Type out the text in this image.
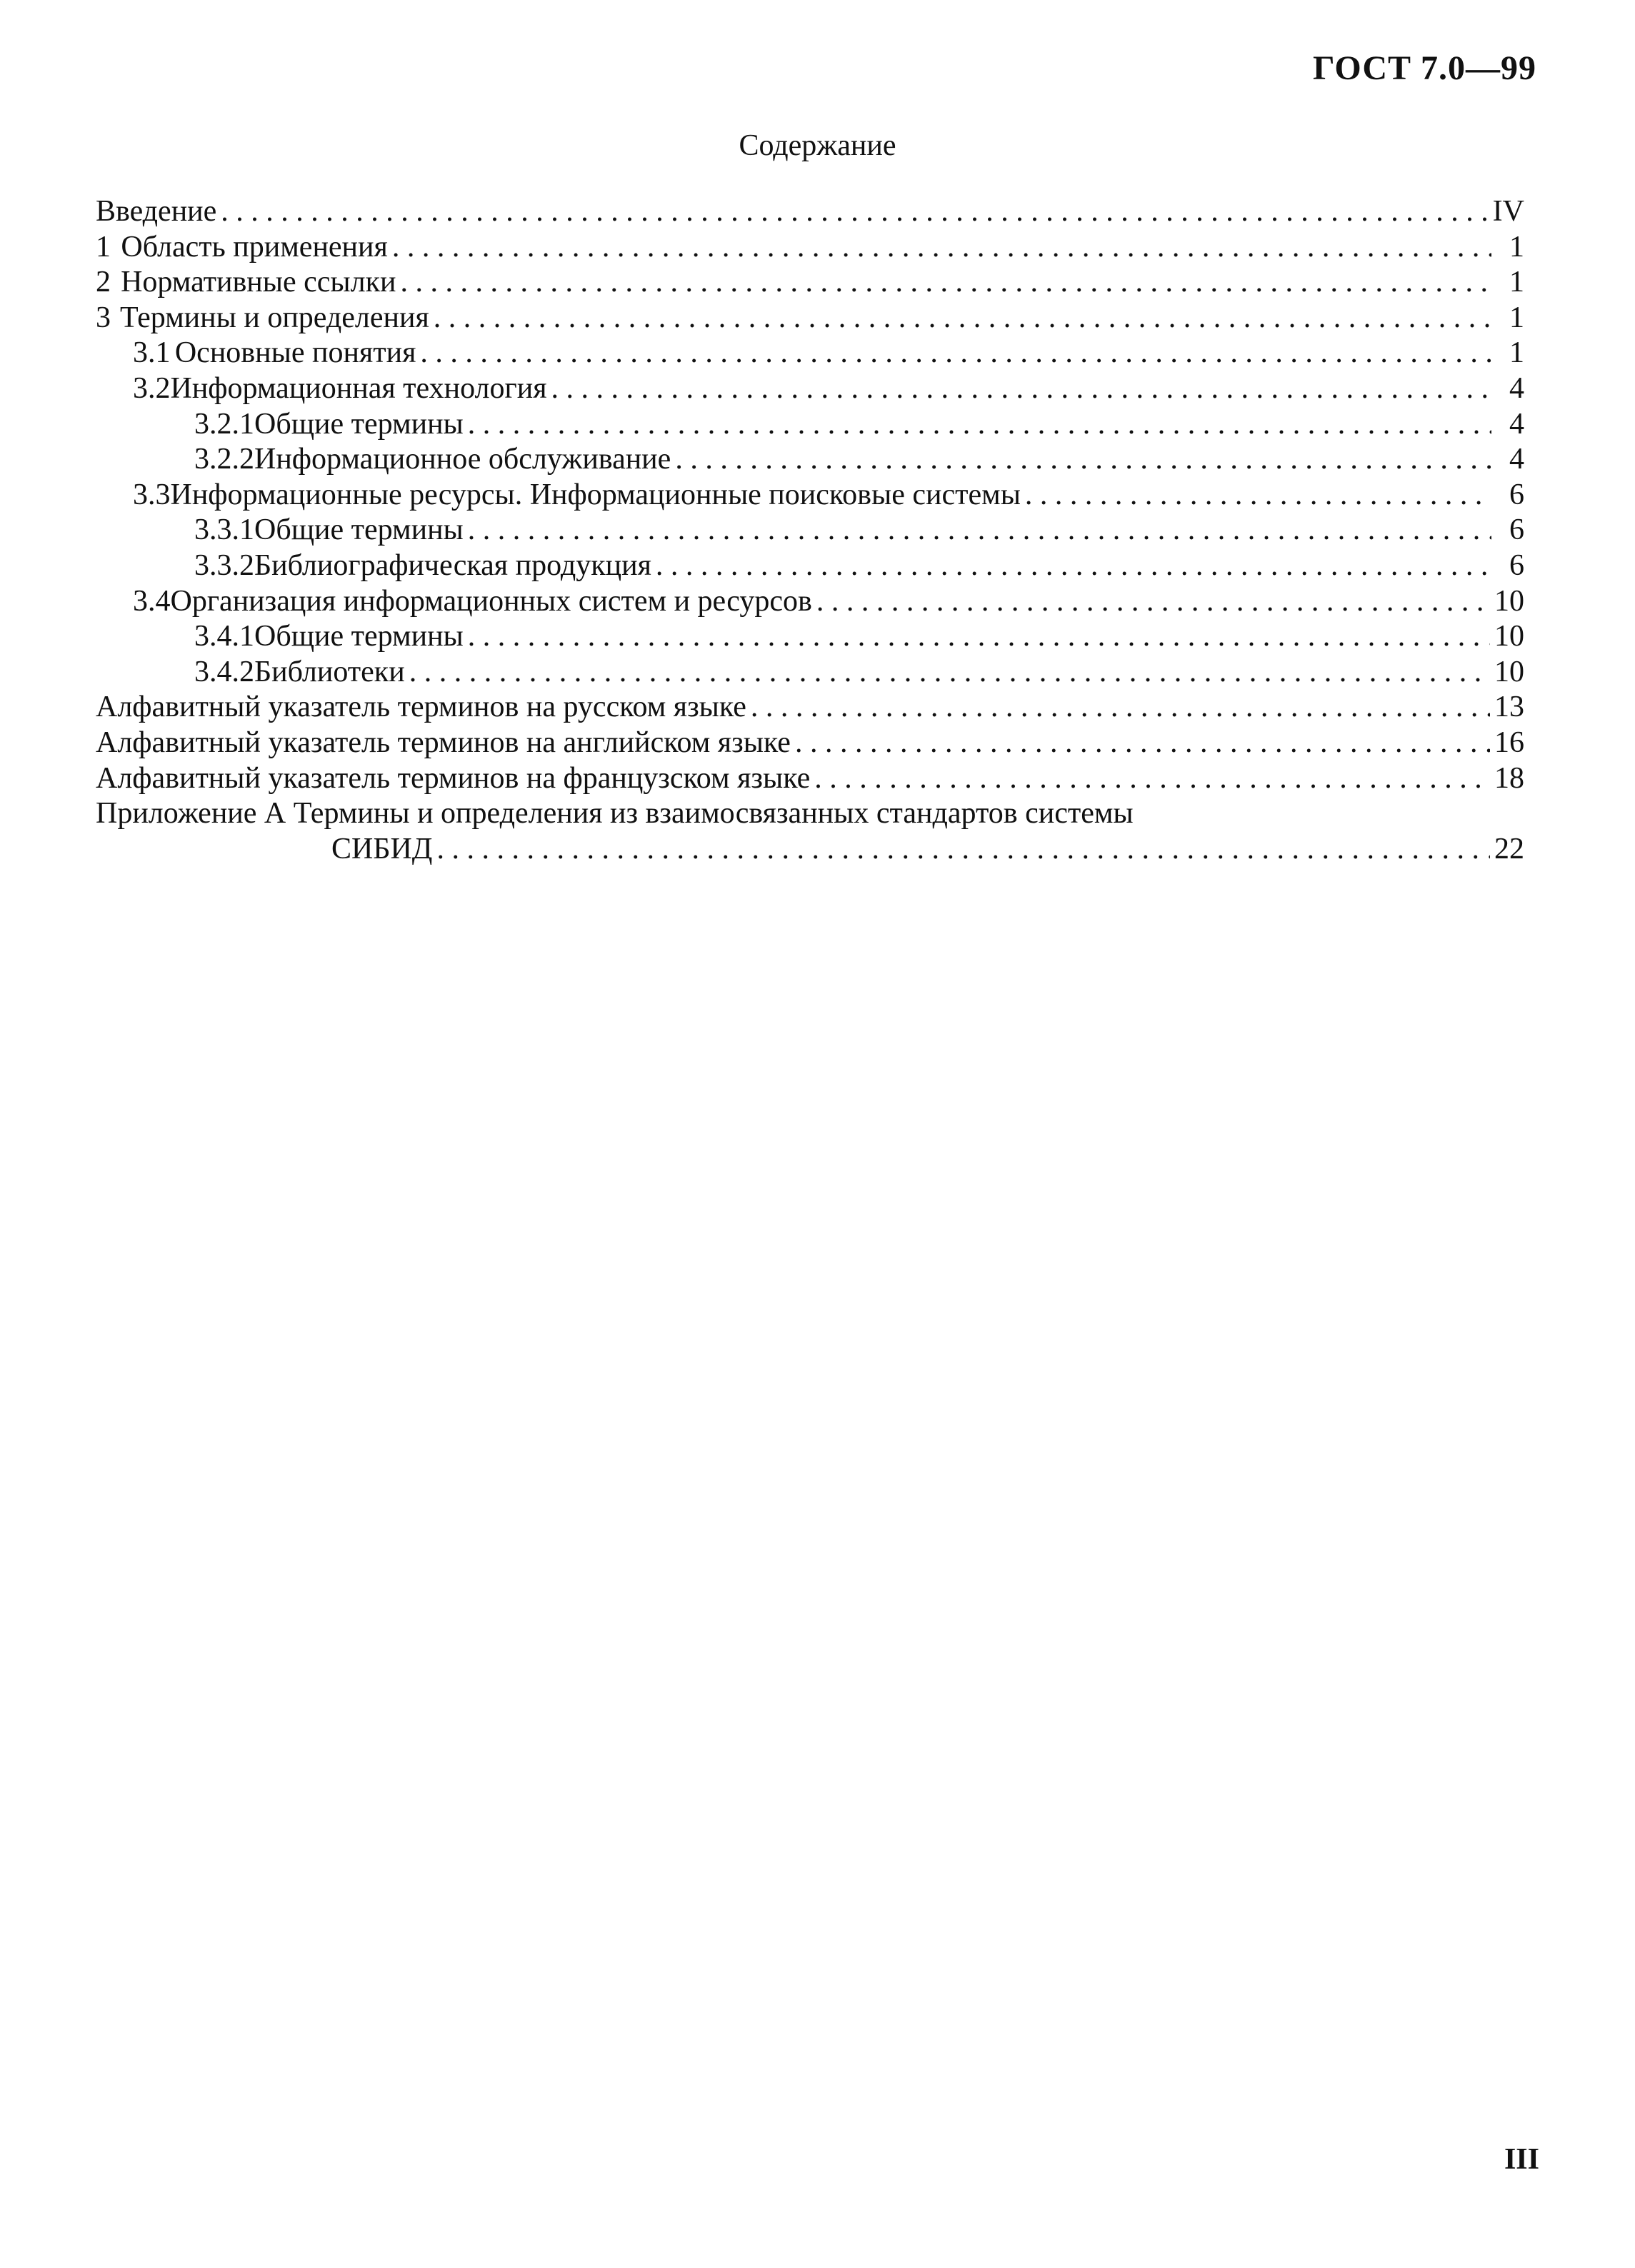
ГОСТ 7.0—99
Содержание
Введение . . .	IV
1 Область применения . . .	1
2 Нормативные ссылки . . .	1
3 Термины и определения . . .	1
3.1 Основные понятия . . .	1
3.2 Информационная технология . . .	4
3.2.1 Общие термины . . .	4
3.2.2 Информационное обслуживание . . .	4
3.3 Информационные ресурсы. Информационные поисковые системы . . .	6
3.3.1 Общие термины . . .	6
3.3.2 Библиографическая продукция . . .	6
3.4 Организация информационных систем и ресурсов . . .	10
3.4.1 Общие термины . . .	10
3.4.2 Библиотеки . . .	10
Алфавитный указатель терминов на русском языке . . .	13
Алфавитный указатель терминов на английском языке . . .	16
Алфавитный указатель терминов на французском языке . . .	18
Приложение А Термины и определения из взаимосвязанных стандартов системы
СИБИД . . .	22
III
